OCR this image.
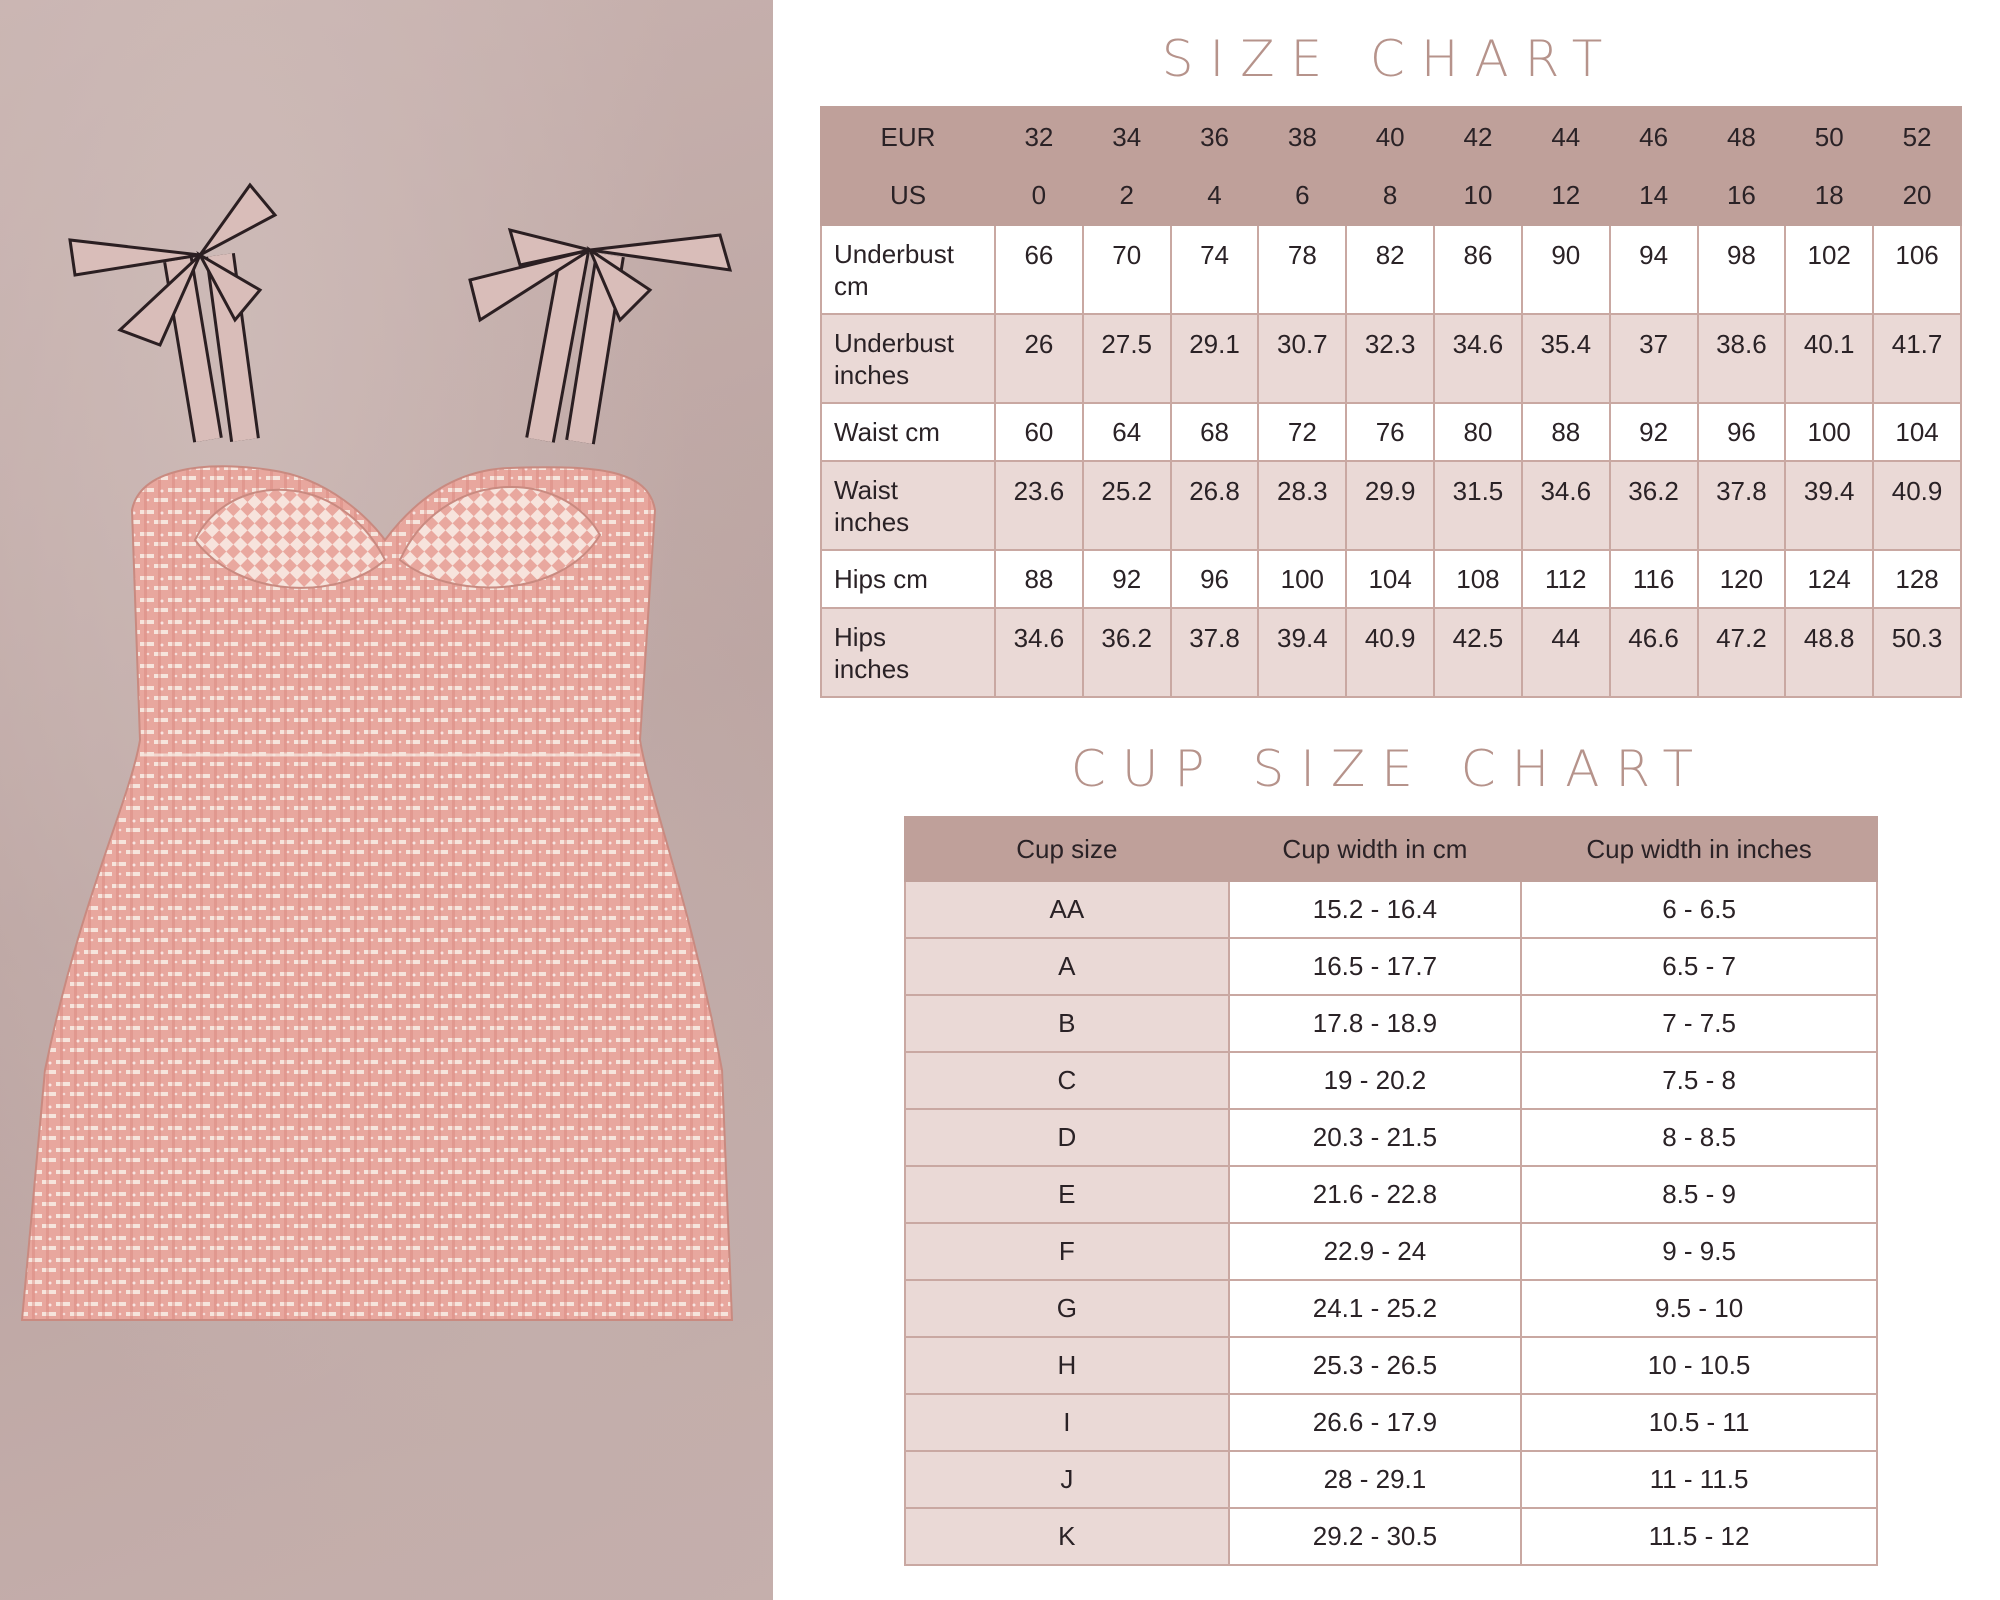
SIZE CHART
EUR	32	34	36	38	40	42	44	46	48	50	52
US	0	2	4	6	8	10	12	14	16	18	20

Underbust
cm	66	70	74	78	82	86	90	94	98	102	106

Underbust
inches	26	27.5	29.1	30.7	32.3	34.6	35.4	37	38.6	40.1	41.7

Waist cm	60	64	68	72	76	80	88	92	96	100	104

Waist
inches	23.6	25.2	26.8	28.3	29.9	31.5	34.6	36.2	37.8	39.4	40.9

Hips cm	88	92	96	100	104	108	112	116	120	124	128

Hips
inches	34.6	36.2	37.8	39.4	40.9	42.5	44	46.6	47.2	48.8	50.3
CUP SIZE CHART
Cup size	Cup width in cm	Cup width in inches
AA	15.2 - 16.4	6 - 6.5
A	16.5 - 17.7	6.5 - 7
B	17.8 - 18.9	7 - 7.5
C	19 - 20.2	7.5 - 8
D	20.3 - 21.5	8 - 8.5
E	21.6 - 22.8	8.5 - 9
F	22.9 - 24	9 - 9.5
G	24.1 - 25.2	9.5 - 10
H	25.3 - 26.5	10 - 10.5
I	26.6 - 17.9	10.5 - 11
J	28 - 29.1	11 - 11.5
K	29.2 - 30.5	11.5 - 12
